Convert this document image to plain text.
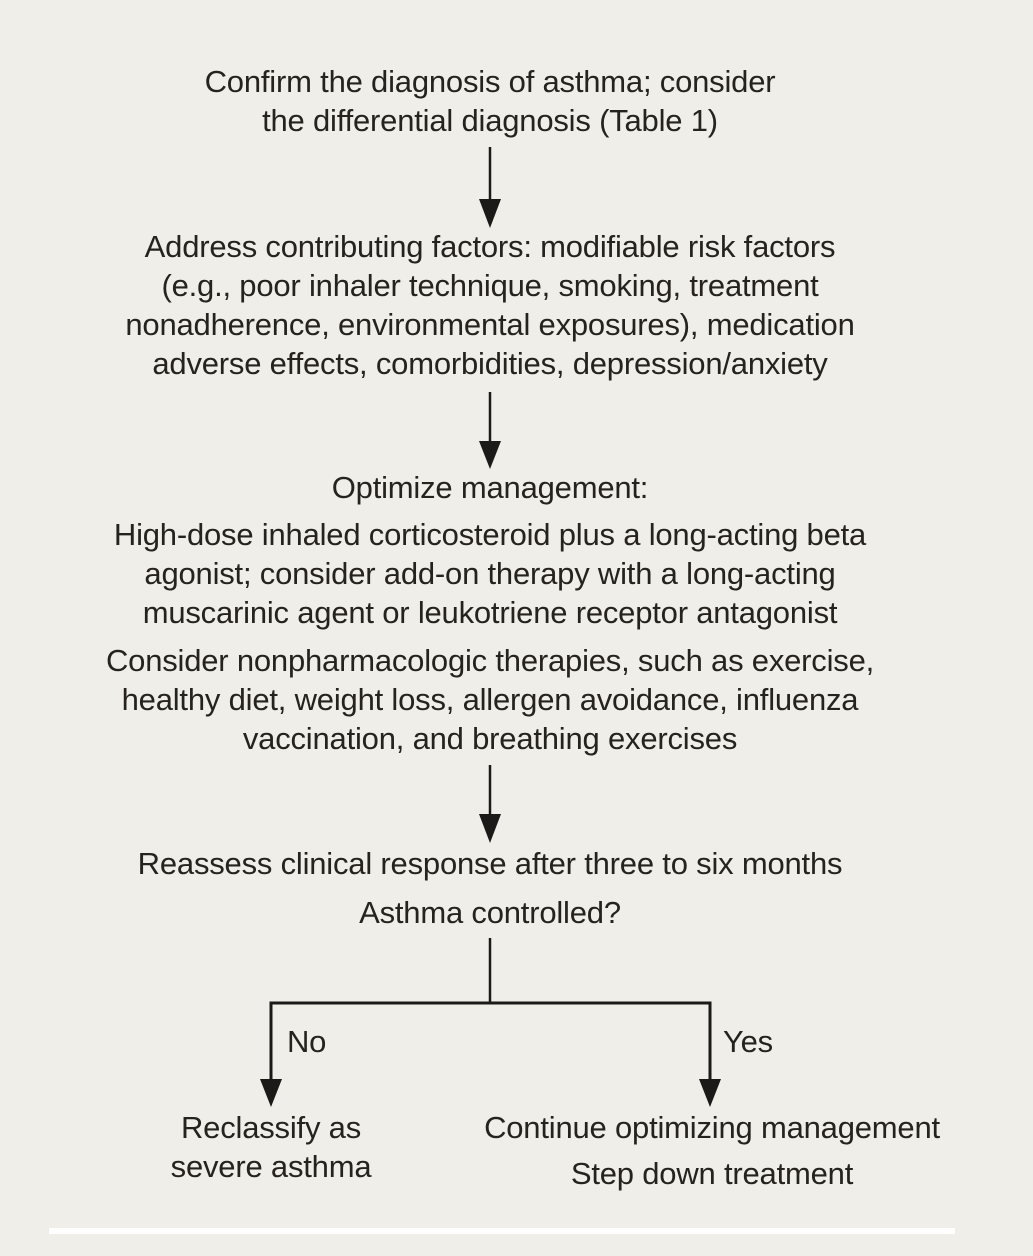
Confirm the diagnosis of asthma; consider
the differential diagnosis (Table 1)
Address contributing factors: modifiable risk factors
(e.g., poor inhaler technique, smoking, treatment
nonadherence, environmental exposures), medication
adverse effects, comorbidities, depression/anxiety
Optimize management:
High-dose inhaled corticosteroid plus a long-acting beta
agonist; consider add-on therapy with a long-acting
muscarinic agent or leukotriene receptor antagonist
Consider nonpharmacologic therapies, such as exercise,
healthy diet, weight loss, allergen avoidance, influenza
vaccination, and breathing exercises
Reassess clinical response after three to six months
Asthma controlled?
No	Yes
Reclassify as
severe asthma
Continue optimizing management
Step down treatment
